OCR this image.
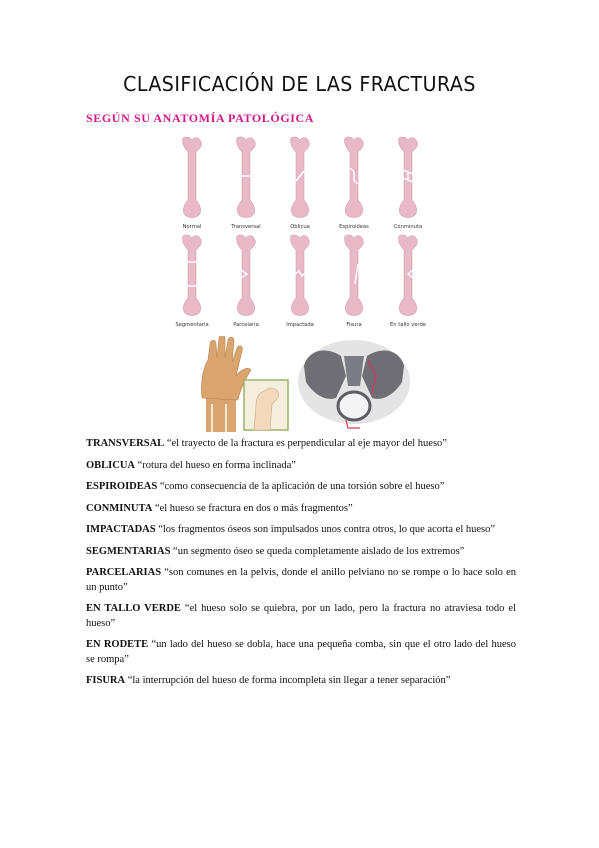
CLASIFICACIÓN DE LAS FRACTURAS
SEGÚN SU ANATOMÍA PATOLÓGICA
Normal	Transversal	Oblicua	Espiroideas	Conminuta
Segmentaria	Parcelaria	Impactada	Fisura	En tallo verde

TRANSVERSAL “el trayecto de la fractura es perpendicular al eje mayor del hueso”

OBLICUA “rotura del hueso en forma inclinada”

ESPIROIDEAS “como consecuencia de la aplicación de una torsión sobre el hueso”

CONMINUTA “el hueso se fractura en dos o más fragmentos”

IMPACTADAS “los fragmentos óseos son impulsados unos contra otros, lo que acorta el hueso”

SEGMENTARIAS “un segmento óseo se queda completamente aislado de los extremos”

PARCELARIAS “son comunes en la pelvis, donde el anillo pelviano no se rompe o lo hace solo en un punto”

EN TALLO VERDE “el hueso solo se quiebra, por un lado, pero la fractura no atraviesa todo el hueso”

EN RODETE “un lado del hueso se dobla, hace una pequeña comba, sin que el otro lado del hueso se rompa”

FISURA “la interrupción del hueso de forma incompleta sin llegar a tener separación”
